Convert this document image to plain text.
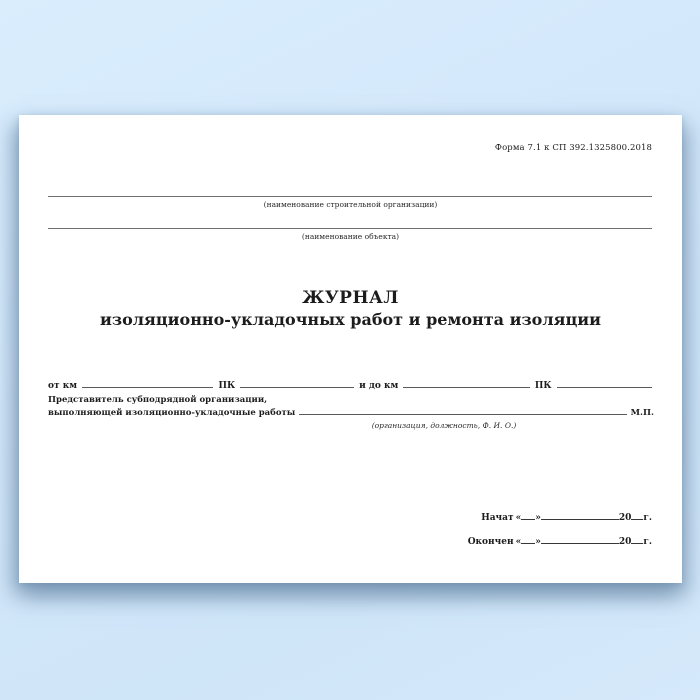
Форма 7.1 к СП 392.1325800.2018
(наименование строительной организации)
(наименование объекта)
ЖУРНАЛ
изоляционно-укладочных работ и ремонта изоляции
от км	ПК	и до км	ПК
Представитель субподрядной организации,
выполняющей изоляционно-укладочные работы	М.П.
(организация, должность, Ф. И. О.)
Начат « »	20 г.
Окончен « »	20 г.
